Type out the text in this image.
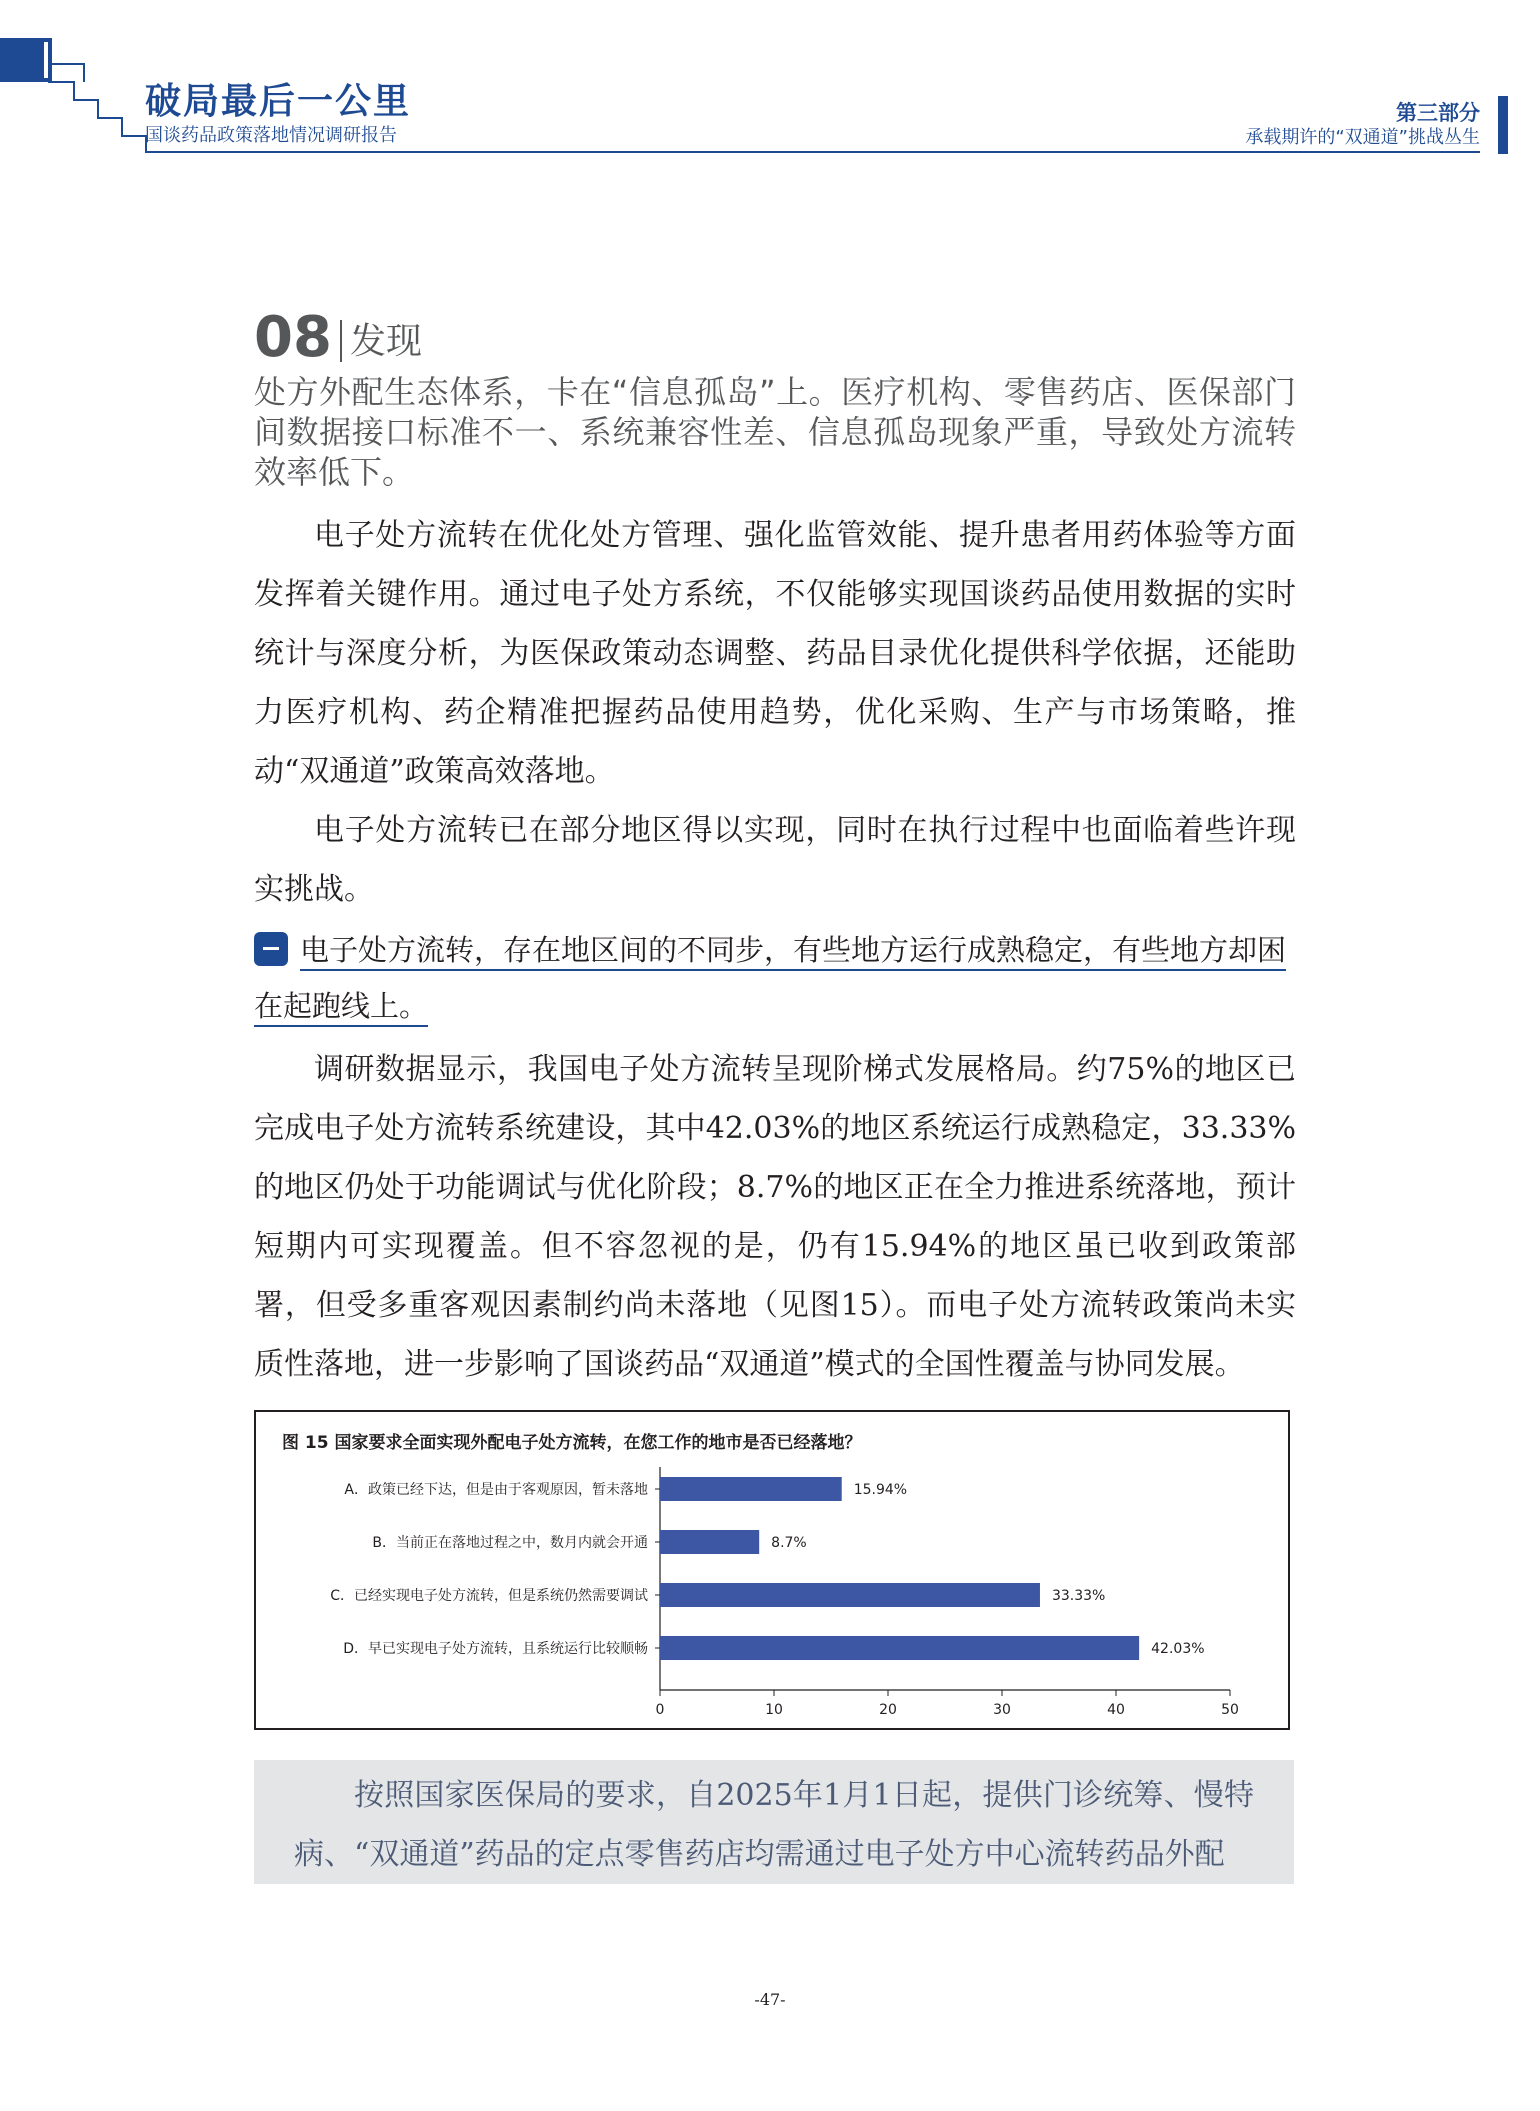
破局最后一公里
国谈药品政策落地情况调研报告
第三部分
承载期许的“双通道”挑战丛生
08 发现
处方外配生态体系，卡在“信息孤岛”上。医疗机构、零售药店、医保部门间数据接口标准不一、系统兼容性差、信息孤岛现象严重，导致处方流转效率低下。

电子处方流转在优化处方管理、强化监管效能、提升患者用药体验等方面发挥着关键作用。通过电子处方系统，不仅能够实现国谈药品使用数据的实时统计与深度分析，为医保政策动态调整、药品目录优化提供科学依据，还能助力医疗机构、药企精准把握药品使用趋势，优化采购、生产与市场策略，推动“双通道”政策高效落地。

电子处方流转已在部分地区得以实现，同时在执行过程中也面临着些许现实挑战。

电子处方流转，存在地区间的不同步，有些地方运行成熟稳定，有些地方却困在起跑线上。

调研数据显示，我国电子处方流转呈现阶梯式发展格局。约75%的地区已完成电子处方流转系统建设，其中42.03%的地区系统运行成熟稳定，33.33%的地区仍处于功能调试与优化阶段；8.7%的地区正在全力推进系统落地，预计短期内可实现覆盖。但不容忽视的是，仍有15.94%的地区虽已收到政策部署，但受多重客观因素制约尚未落地（见图15）。而电子处方流转政策尚未实质性落地，进一步影响了国谈药品“双通道”模式的全国性覆盖与协同发展。

图 15 国家要求全面实现外配电子处方流转，在您工作的地市是否已经落地？
A．政策已经下达，但是由于客观原因，暂未落地	15.94%
B．当前正在落地过程之中，数月内就会开通	8.7%
C．已经实现电子处方流转，但是系统仍然需要调试	33.33%
D．早已实现电子处方流转，且系统运行比较顺畅	42.03%
0	10	20	30	40	50

按照国家医保局的要求，自2025年1月1日起，提供门诊统筹、慢特病、“双通道”药品的定点零售药店均需通过电子处方中心流转药品外配

-47-
